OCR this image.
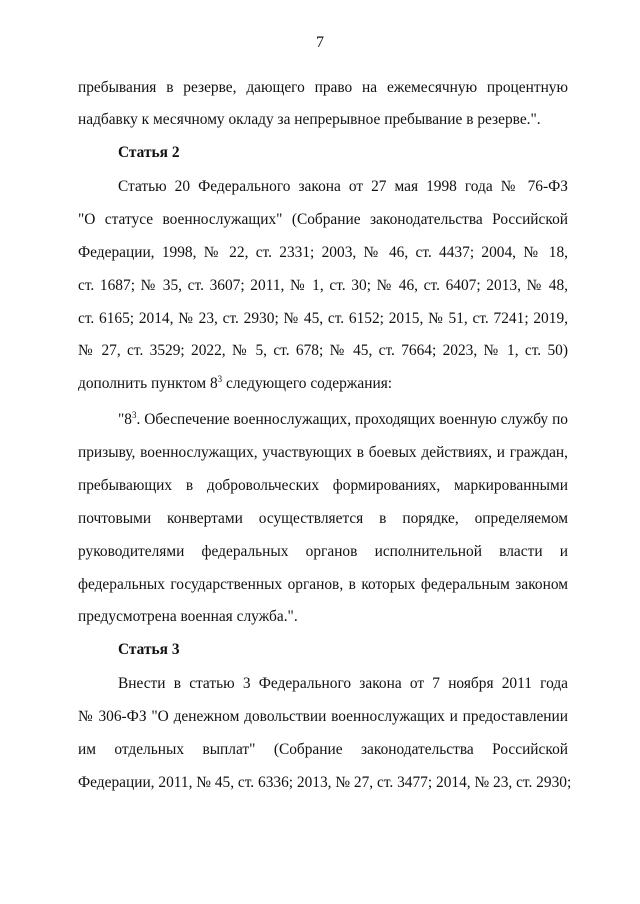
7
пребывания в резерве, дающего право на ежемесячную процентную
надбавку к месячному окладу за непрерывное пребывание в резерве.".
Статья 2
Статью 20 Федерального закона от 27 мая 1998 года № 76-ФЗ
"О статусе военнослужащих" (Собрание законодательства Российской
Федерации, 1998, № 22, ст. 2331; 2003, № 46, ст. 4437; 2004, № 18,
ст. 1687; № 35, ст. 3607; 2011, № 1, ст. 30; № 46, ст. 6407; 2013, № 48,
ст. 6165; 2014, № 23, ст. 2930; № 45, ст. 6152; 2015, № 51, ст. 7241; 2019,
№ 27, ст. 3529; 2022, № 5, ст. 678; № 45, ст. 7664; 2023, № 1, ст. 50)
дополнить пунктом $8^3$ следующего содержания:
"$8^3$. Обеспечение военнослужащих, проходящих военную службу по
призыву, военнослужащих, участвующих в боевых действиях, и граждан,
пребывающих в добровольческих формированиях, маркированными
почтовыми конвертами осуществляется в порядке, определяемом
руководителями федеральных органов исполнительной власти и
федеральных государственных органов, в которых федеральным законом
предусмотрена военная служба.".
Статья 3
Внести в статью 3 Федерального закона от 7 ноября 2011 года
№ 306-ФЗ "О денежном довольствии военнослужащих и предоставлении
им отдельных выплат" (Собрание законодательства Российской
Федерации, 2011, № 45, ст. 6336; 2013, № 27, ст. 3477; 2014, № 23, ст. 2930;
